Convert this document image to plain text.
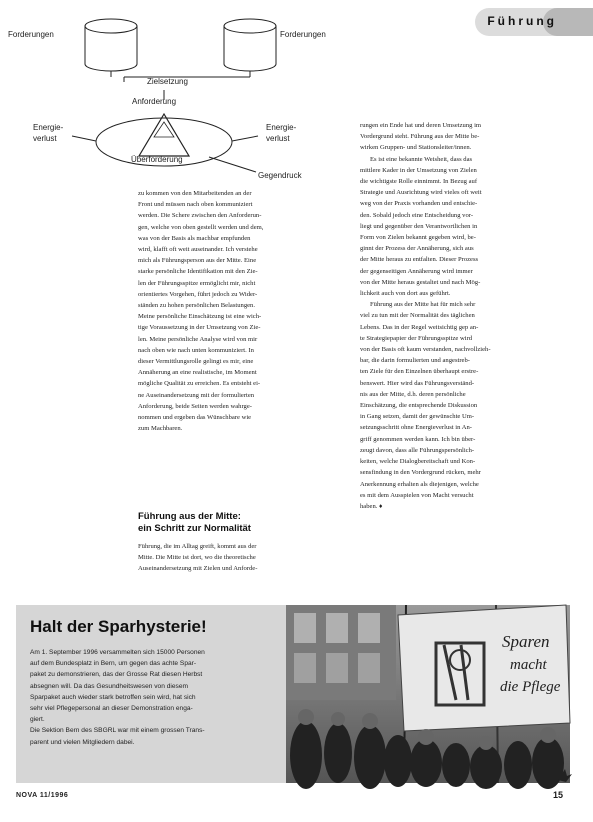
Führung
Forderungen	Forderungen
Zielsetzung
Anforderung
Energie-
verlust
Energie-
verlust
Überforderung
Gegendruck

zu kommen von den Mitarbeitenden an der

Front und müssen nach oben kommuniziert

werden. Die Schere zwischen den Anforderun-

gen, welche von oben gestellt werden und dem,

was von der Basis als machbar empfunden

wird, klafft oft weit auseinander. Ich verstehe

mich als Führungsperson aus der Mitte. Eine

starke persönliche Identifikation mit den Zie-

len der Führungsspitze ermöglicht mir, nicht

orientiertes Vorgehen, führt jedoch zu Wider-

ständen zu hohen persönlichen Belastungen.

Meine persönliche Einschätzung ist eine wich-

tige Voraussetzung in der Umsetzung von Zie-

len. Meine persönliche Analyse wird von mir

nach oben wie nach unten kommuniziert. In

dieser Vermittlungsrolle gelingt es mir, eine

Annäherung an eine realistische, im Moment

mögliche Qualität zu erreichen. Es entsteht ei-

ne Auseinandersetzung mit der formulierten

Anforderung, beide Seiten werden wahrge-

nommen und ergeben das Wünschbare wie

zum Machbaren.

Führung aus der Mitte:
ein Schritt zur Normalität

Führung, die im Alltag greift, kommt aus der

Mitte. Die Mitte ist dort, wo die theoretische

Auseinandersetzung mit Zielen und Anforde-

rungen ein Ende hat und deren Umsetzung im

Vordergrund steht. Führung aus der Mitte be-

wirken Gruppen- und Stationsleiter/innen.

Es ist eine bekannte Weisheit, dass das

mittlere Kader in der Umsetzung von Zielen

die wichtigste Rolle einnimmt. In Bezug auf

Strategie und Ausrichtung wird vieles oft weit

weg von der Praxis vorhanden und entschie-

den. Sobald jedoch eine Entscheidung vor-

liegt und gegenüber den Verantwortlichen in

Form von Zielen bekannt gegeben wird, be-

ginnt der Prozess der Annäherung, sich aus

der Mitte heraus zu entfalten. Dieser Prozess

der gegenseitigen Annäherung wird immer

von der Mitte heraus gestaltet und nach Mög-

lichkeit auch von dort aus geführt.

Führung aus der Mitte hat für mich sehr

viel zu tun mit der Normalität des täglichen

Lebens. Das in der Regel weitsichtig gep an-

te Strategiepapier der Führungsspitze wird

von der Basis oft kaum verstanden, nachvollzieh-

bar, die darin formulierten und angestreb-

ten Ziele für den Einzelnen überhaupt erstre-

benswert. Hier wird das Führungsverständ-

nis aus der Mitte, d.h. deren persönliche

Einschätzung, die entsprechende Diskussion

in Gang setzen, damit der gewünschte Um-

setzungsschritt ohne Energieverlust in An-

griff genommen werden kann. Ich bin über-

zeugt davon, dass alle Führungspersönlich-

keiten, welche Dialogbereitschaft und Kon-

sensfindung in den Vordergrund rücken, mehr

Anerkennung erhalten als diejenigen, welche

es mit dem Ausspielen von Macht versucht

haben. ♦

Halt der Sparhysterie!

Am 1. September 1996 versammelten sich 15000 Personen

auf dem Bundesplatz in Bern, um gegen das achte Spar-

paket zu demonstrieren, das der Grosse Rat diesen Herbst

absegnen will. Da das Gesundheitswesen von diesem

Sparpaket auch wieder stark betroffen sein wird, hat sich

sehr viel Pflegepersonal an dieser Demonstration enga-

giert.

Die Sektion Bern des SBGRL war mit einem grossen Trans-

parent und vielen Mitgliedern dabei.

Sparen
macht
die Pflege
NOVA 11/1996	15
